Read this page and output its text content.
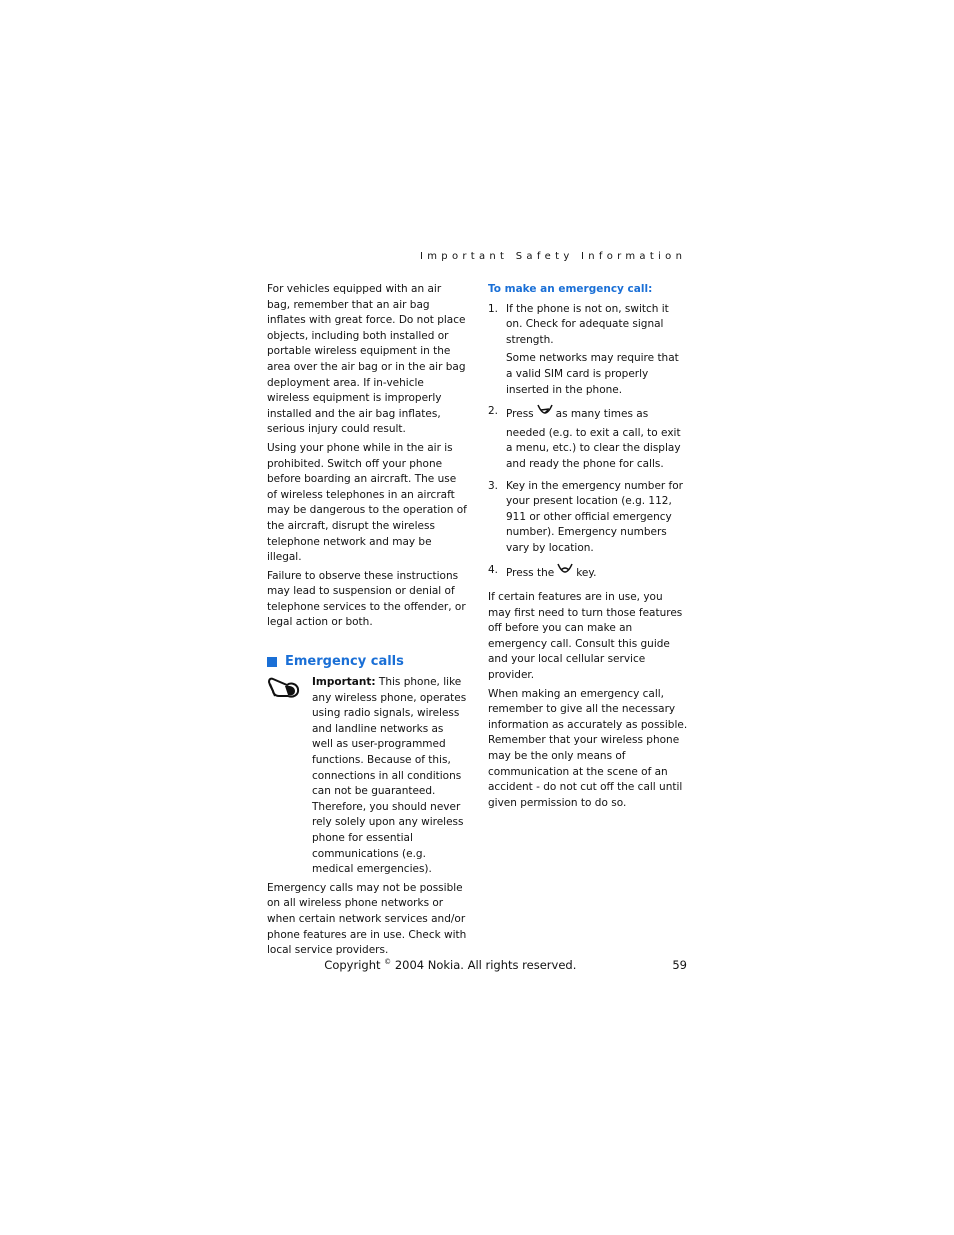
Important Safety Information

For vehicles equipped with an air bag, remember that an air bag inflates with great force. Do not place objects, including both installed or portable wireless equipment in the area over the air bag or in the air bag deployment area. If in-vehicle wireless equipment is improperly installed and the air bag inflates, serious injury could result.

Using your phone while in the air is prohibited. Switch off your phone before boarding an aircraft. The use of wireless telephones in an aircraft may be dangerous to the operation of the aircraft, disrupt the wireless telephone network and may be illegal.

Failure to observe these instructions may lead to suspension or denial of telephone services to the offender, or legal action or both.

Emergency calls

Important: This phone, like any wireless phone, operates using radio signals, wireless and landline networks as well as user-programmed functions. Because of this, connections in all conditions can not be guaranteed. Therefore, you should never rely solely upon any wireless phone for essential communications (e.g. medical emergencies).

Emergency calls may not be possible on all wireless phone networks or when certain network services and/or phone features are in use. Check with local service providers.

To make an emergency call:

1. If the phone is not on, switch it on. Check for adequate signal strength.

Some networks may require that a valid SIM card is properly inserted in the phone.

2. Press as many times as needed (e.g. to exit a call, to exit a menu, etc.) to clear the display and ready the phone for calls.

3. Key in the emergency number for your present location (e.g. 112, 911 or other official emergency number). Emergency numbers vary by location.

4. Press the key.

If certain features are in use, you may first need to turn those features off before you can make an emergency call. Consult this guide and your local cellular service provider.

When making an emergency call, remember to give all the necessary information as accurately as possible. Remember that your wireless phone may be the only means of communication at the scene of an accident - do not cut off the call until given permission to do so.

Copyright © 2004 Nokia. All rights reserved.	59
